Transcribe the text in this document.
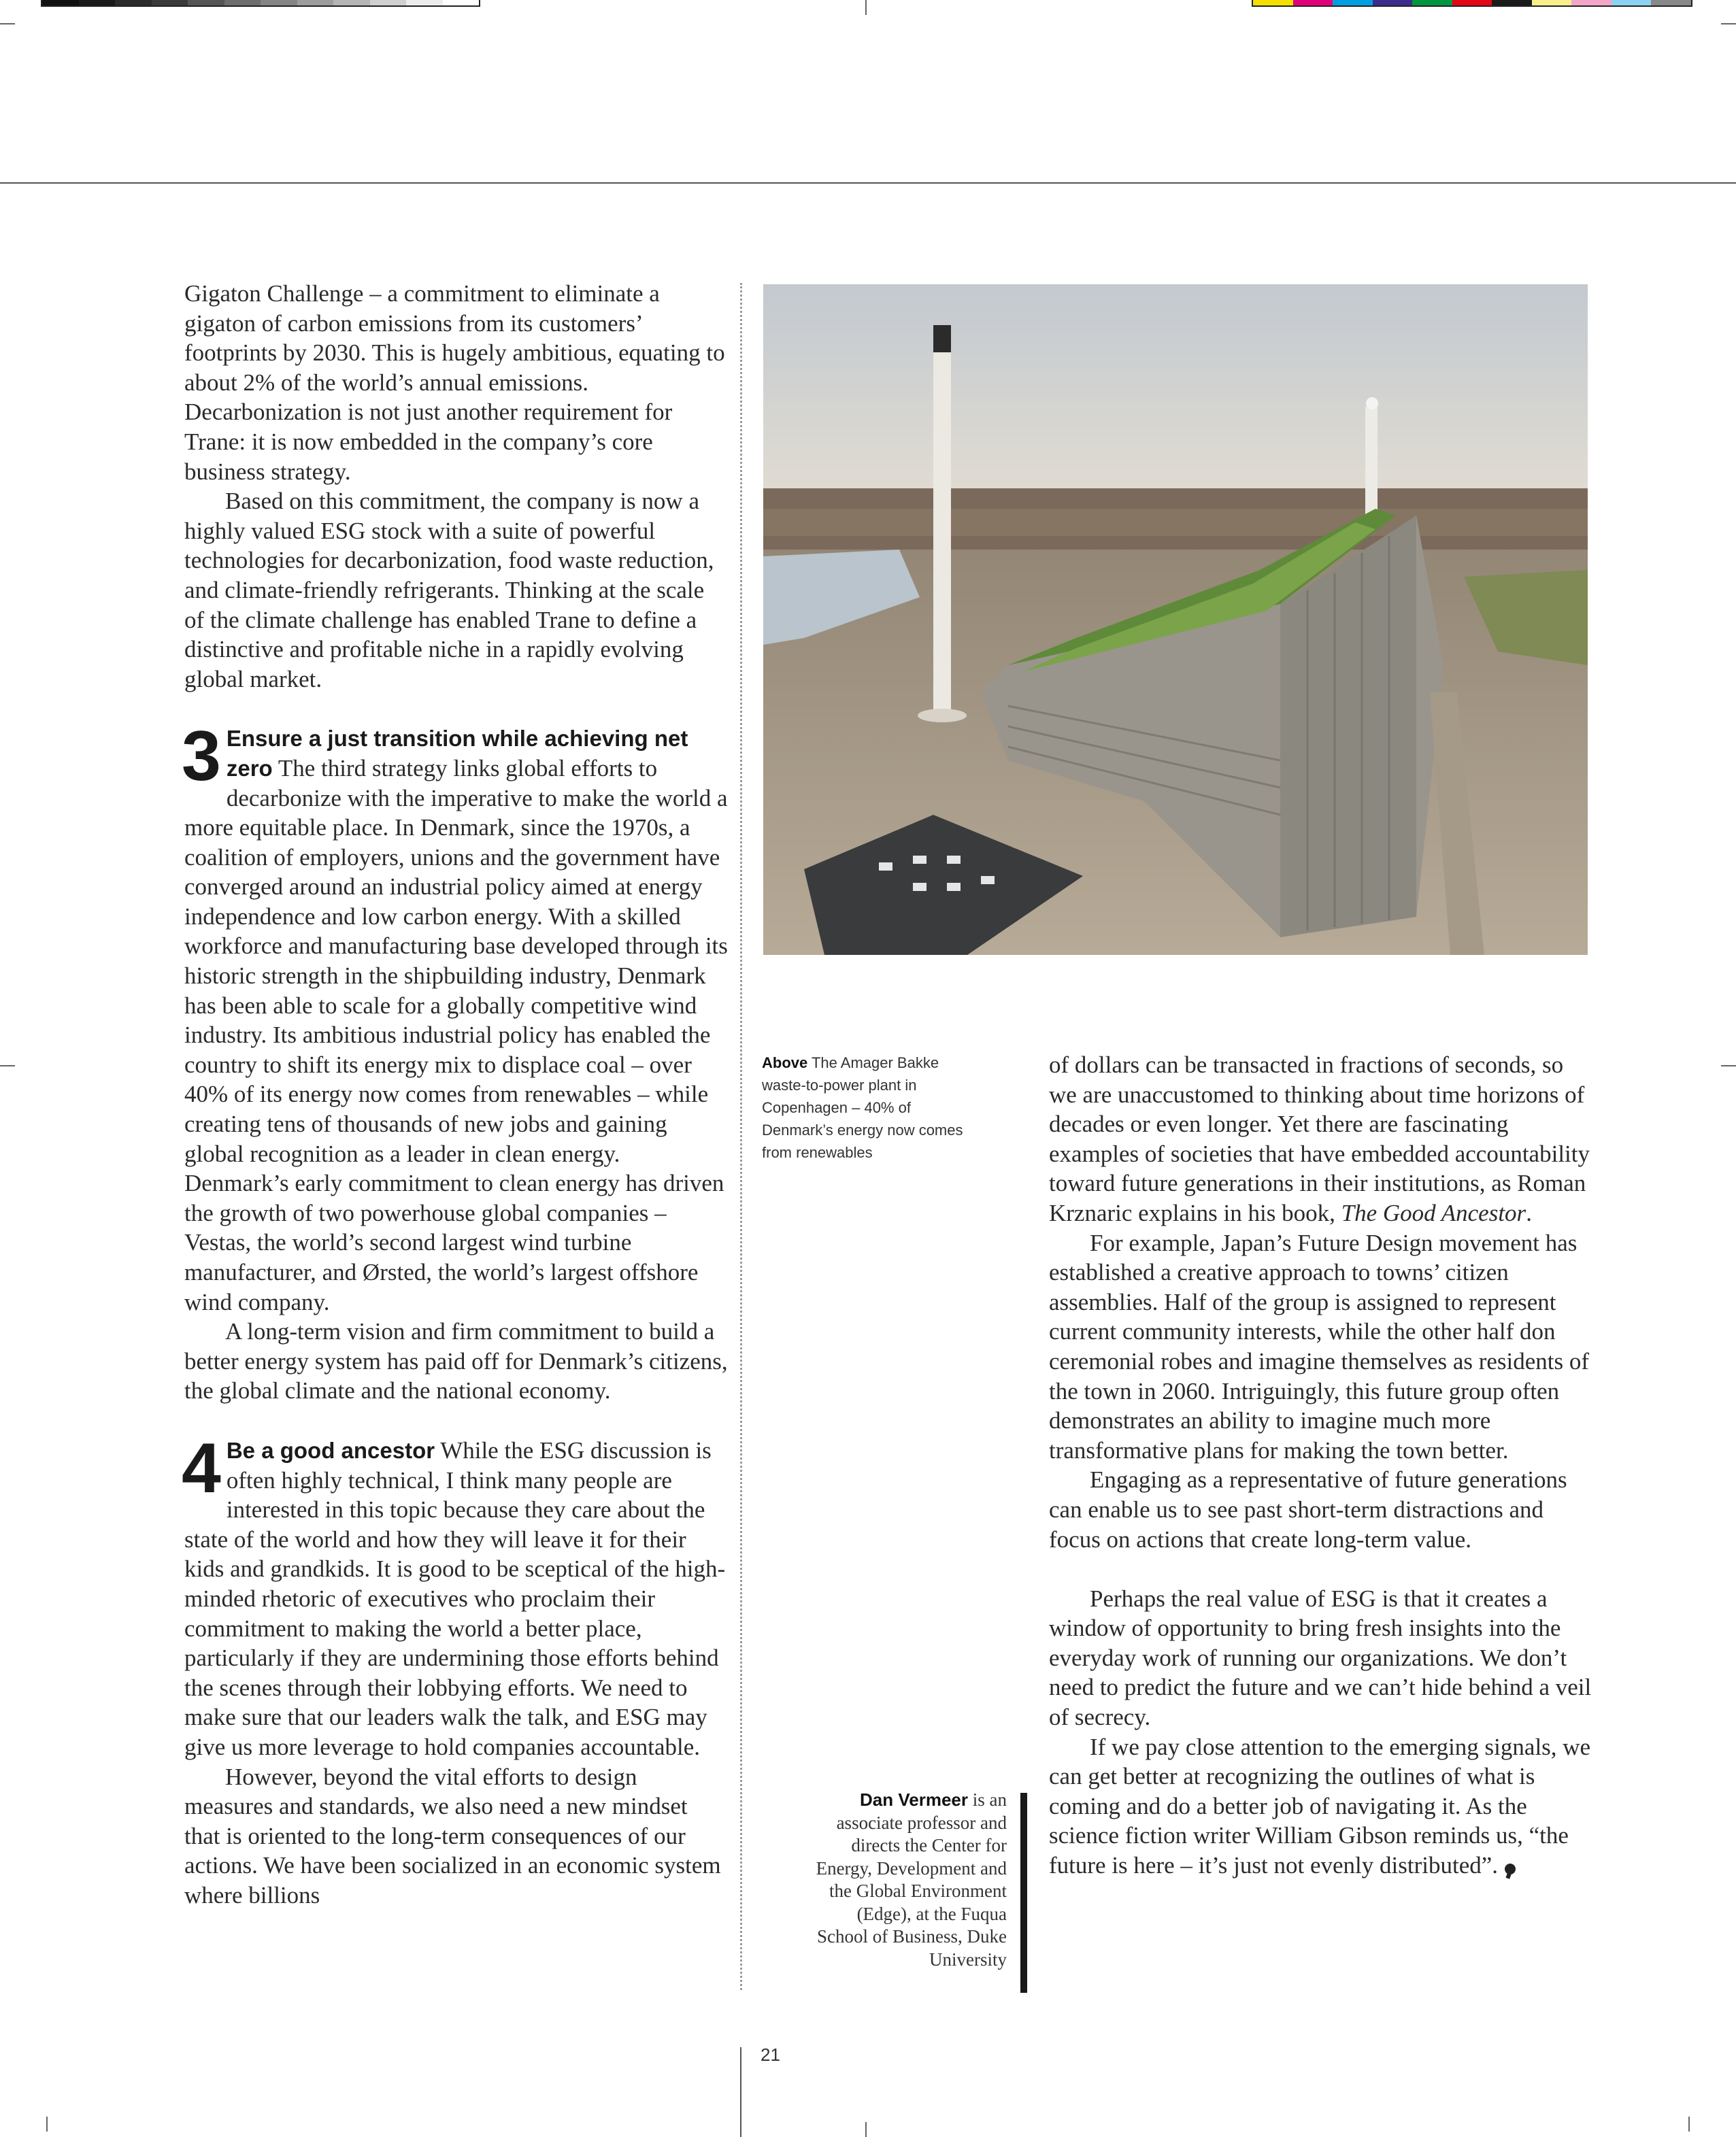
Gigaton Challenge – a commitment to eliminate a gigaton of carbon emissions from its customers’ footprints by 2030. This is hugely ambitious, equating to about 2% of the world’s annual emissions. Decarbonization is not just another requirement for Trane: it is now embedded in the company’s core business strategy.

Based on this commitment, the company is now a highly valued ESG stock with a suite of powerful technologies for decarbonization, food waste reduction, and climate-friendly refrigerants. Thinking at the scale of the climate challenge has enabled Trane to define a distinctive and profitable niche in a rapidly evolving global market.

3 Ensure a just transition while achieving net zero The third strategy links global efforts to decarbonize with the imperative to make the world a more equitable place. In Denmark, since the 1970s, a coalition of employers, unions and the government have converged around an industrial policy aimed at energy independence and low carbon energy. With a skilled workforce and manufacturing base developed through its historic strength in the shipbuilding industry, Denmark has been able to scale for a globally competitive wind industry. Its ambitious industrial policy has enabled the country to shift its energy mix to displace coal – over 40% of its energy now comes from renewables – while creating tens of thousands of new jobs and gaining global recognition as a leader in clean energy. Denmark’s early commitment to clean energy has driven the growth of two powerhouse global companies – Vestas, the world’s second largest wind turbine manufacturer, and Ørsted, the world’s largest offshore wind company.

A long-term vision and firm commitment to build a better energy system has paid off for Denmark’s citizens, the global climate and the national economy.

4 Be a good ancestor While the ESG discussion is often highly technical, I think many people are interested in this topic because they care about the state of the world and how they will leave it for their kids and grandkids. It is good to be sceptical of the high-minded rhetoric of executives who proclaim their commitment to making the world a better place, particularly if they are undermining those efforts behind the scenes through their lobbying efforts. We need to make sure that our leaders walk the talk, and ESG may give us more leverage to hold companies accountable.

However, beyond the vital efforts to design measures and standards, we also need a new mindset that is oriented to the long-term consequences of our actions. We have been socialized in an economic system where billions

Above The Amager Bakke waste-to-power plant in Copenhagen – 40% of Denmark’s energy now comes from renewables
Dan Vermeer is an associate professor and directs the Center for Energy, Development and the Global Environment (Edge), at the Fuqua School of Business, Duke University

of dollars can be transacted in fractions of seconds, so we are unaccustomed to thinking about time horizons of decades or even longer. Yet there are fascinating examples of societies that have embedded accountability toward future generations in their institutions, as Roman Krznaric explains in his book, The Good Ancestor.

For example, Japan’s Future Design movement has established a creative approach to towns’ citizen assemblies. Half of the group is assigned to represent current community interests, while the other half don ceremonial robes and imagine themselves as residents of the town in 2060. Intriguingly, this future group often demonstrates an ability to imagine much more transformative plans for making the town better.

Engaging as a representative of future generations can enable us to see past short-term distractions and focus on actions that create long-term value.

Perhaps the real value of ESG is that it creates a window of opportunity to bring fresh insights into the everyday work of running our organizations. We don’t need to predict the future and we can’t hide behind a veil of secrecy.

If we pay close attention to the emerging signals, we can get better at recognizing the outlines of what is coming and do a better job of navigating it. As the science fiction writer William Gibson reminds us, “the future is here – it’s just not evenly distributed”.

21
